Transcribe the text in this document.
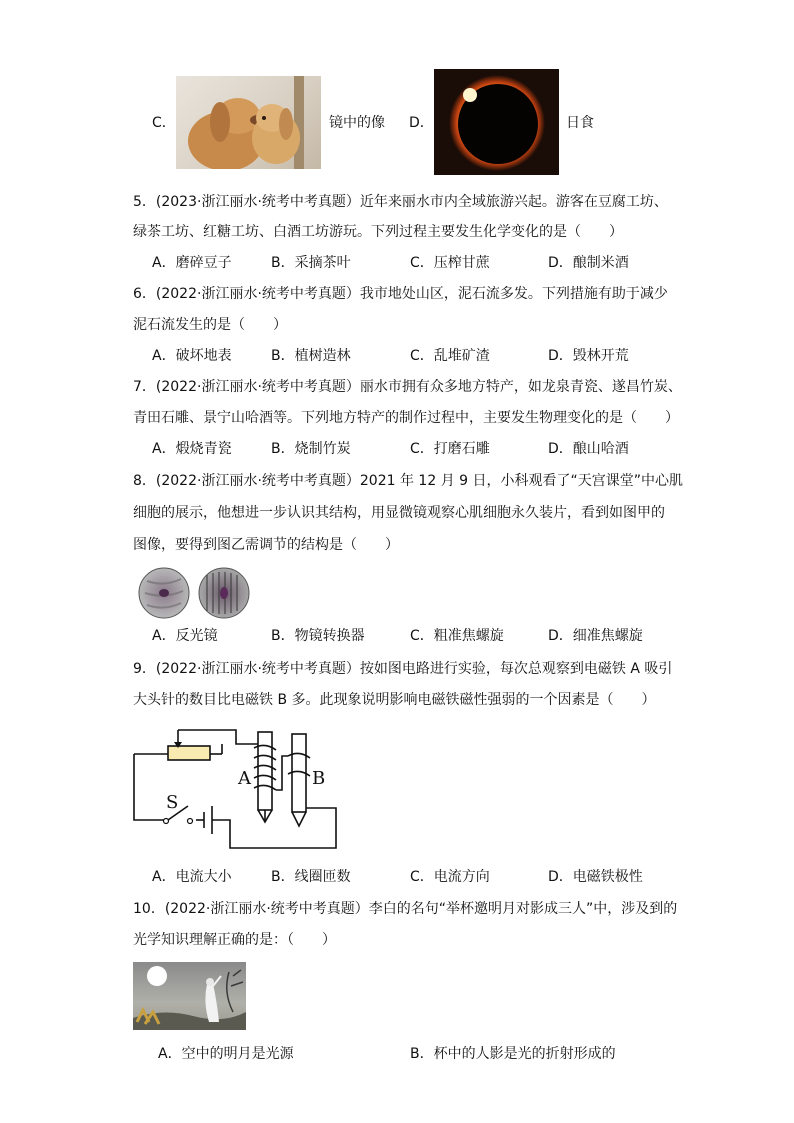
C．	镜中的像 D．	日食
5．(2023·浙江丽水·统考中考真题）近年来丽水市内全域旅游兴起。游客在豆腐工坊、
绿茶工坊、红糖工坊、白酒工坊游玩。下列过程主要发生化学变化的是（　　）
A．磨碎豆子	B．采摘茶叶	C．压榨甘蔗	D．酿制米酒
6．(2022·浙江丽水·统考中考真题）我市地处山区，泥石流多发。下列措施有助于减少
泥石流发生的是（　　）
A．破坏地表	B．植树造林	C．乱堆矿渣	D．毁林开荒
7．(2022·浙江丽水·统考中考真题）丽水市拥有众多地方特产，如龙泉青瓷、遂昌竹炭、
青田石雕、景宁山哈酒等。下列地方特产的制作过程中，主要发生物理变化的是（　　）
A．煅烧青瓷	B．烧制竹炭	C．打磨石雕	D．酿山哈酒
8．(2022·浙江丽水·统考中考真题）2021 年 12 月 9 日，小科观看了“天宫课堂”中心肌
细胞的展示，他想进一步认识其结构，用显微镜观察心肌细胞永久装片，看到如图甲的
图像，要得到图乙需调节的结构是（　　）
A．反光镜	B．物镜转换器	C．粗准焦螺旋	D．细准焦螺旋
9．(2022·浙江丽水·统考中考真题）按如图电路进行实验，每次总观察到电磁铁 A 吸引
大头针的数目比电磁铁 B 多。此现象说明影响电磁铁磁性强弱的一个因素是（　　）
A	B
S
A．电流大小	B．线圈匝数	C．电流方向	D．电磁铁极性
10．(2022·浙江丽水·统考中考真题）李白的名句“举杯邀明月对影成三人”中，涉及到的
光学知识理解正确的是：（　　）
A．空中的明月是光源	B．杯中的人影是光的折射形成的
